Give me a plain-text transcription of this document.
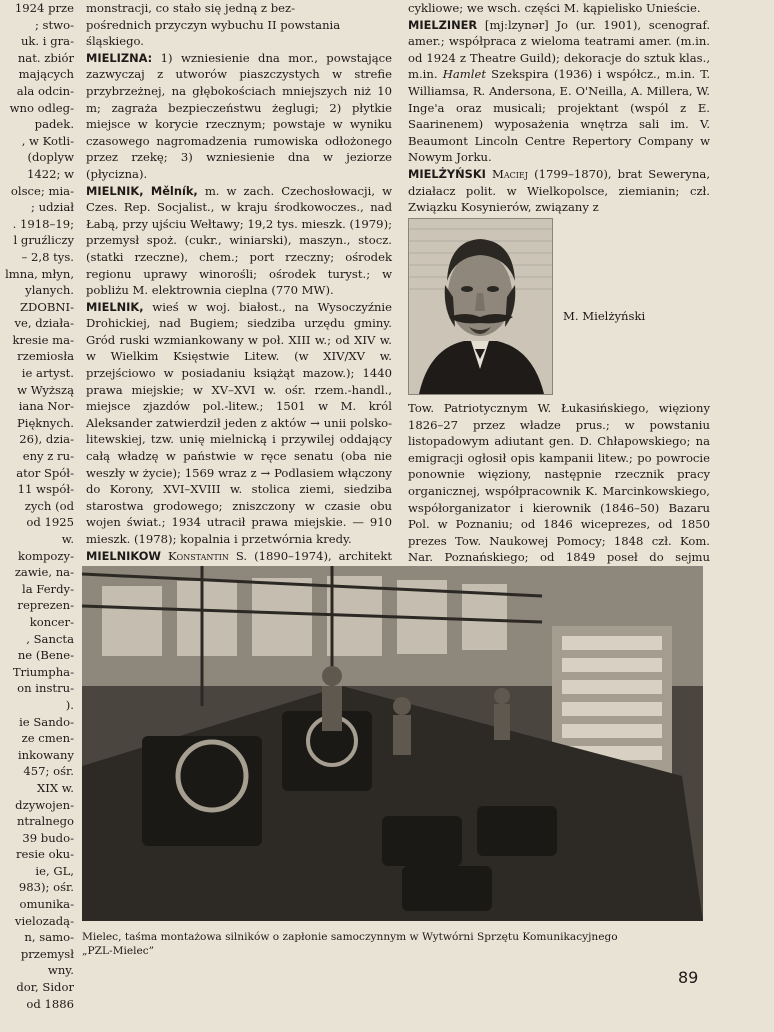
1924 prze
; stwo-
uk. i gra-
nat. zbiór
mających
ala odcin-
wno odleg-
padek.
, w Kotli-
(doplyw
1422; w
olsce; mia-
; udział
. 1918–19;
l gruźliczy
– 2,8 tys.
lmna, młyn,
ylanych.
ZDOBNI-
ve, działa-
kresie ma-
rzemiosła
ie artyst.
w Wyższą
iana Nor-
Pięknych.
26), dzia-
eny z ru-
ator Spół-
11 współ-
zych (od
od 1925
w.
kompozy-
zawie, na-
la Ferdy-
reprezen-
koncer-
, Sancta
ne (Bene-
Triumpha-
on instru-
).
ie Sando-
ze cmen-
inkowany
457; ośr.
XIX w.
dzywojen-
ntralnego
39 budo-
resie oku-
ie, GL,
983); ośr.
omunika-
vielozadą-
n, samo-
przemysł
wny.
dor, Sidor
od 1886
monstracji, co stało się jedną z bez-
pośrednich przyczyn wybuchu II powstania

śląskiego.

MIELIZNA: 1) wzniesienie dna mor., powstające zazwyczaj z utworów piaszczystych w strefie przybrzeżnej, na głębokościach mniejszych niż 10 m; zagraża bezpieczeństwu żeglugi; 2) płytkie miejsce w korycie rzecznym; powstaje w wyniku czasowego nagromadzenia rumowiska odłożonego przez rzekę; 3) wzniesienie dna w jeziorze (płycizna).

MIELNIK, Mělník, m. w zach. Czechosłowacji, w Czes. Rep. Socjalist., w kraju środkowoczes., nad Łabą, przy ujściu Wełtawy; 19,2 tys. mieszk. (1979); przemysł spoż. (cukr., winiarski), maszyn., stocz. (statki rzeczne), chem.; port rzeczny; ośrodek regionu uprawy winorośli; ośrodek turyst.; w pobliżu M. elektrownia cieplna (770 MW).

MIELNIK, wieś w woj. białost., na Wysoczyźnie Drohickiej, nad Bugiem; siedziba urzędu gminy. Gród ruski wzmiankowany w poł. XIII w.; od XIV w. w Wielkim Księstwie Litew. (w XIV/XV w. przejściowo w posiadaniu książąt mazow.); 1440 prawa miejskie; w XV–XVI w. ośr. rzem.-handl., miejsce zjazdów pol.-litew.; 1501 w M. król Aleksander zatwierdził jeden z aktów → unii polsko-litewskiej, tzw. unię mielnicką i przywilej oddający całą władzę w państwie w ręce senatu (oba nie weszły w życie); 1569 wraz z → Podlasiem włączony do Korony, XVI–XVIII w. stolica ziemi, siedziba starostwa grodowego; zniszczony w czasie obu wojen świat.; 1934 utracił prawa miejskie. — 910 mieszk. (1978); kopalnia i przetwórnia kredy.

MIELNIKOW Konstantin S. (1890–1974), architekt

cykliowe; we wsch. części M. kąpielisko Unieście.

MIELZINER [mj:lzynər] Jo (ur. 1901), scenograf. amer.; współpraca z wieloma teatrami amer. (m.in. od 1924 z Theatre Guild); dekoracje do sztuk klas., m.in. Hamlet Szekspira (1936) i współcz., m.in. T. Williamsa, R. Andersona, E. O'Neilla, A. Millera, W. Inge'a oraz musicali; projektant (wspól z E. Saarinenem) wyposażenia wnętrza sali im. V. Beaumont Lincoln Centre Repertory Company w Nowym Jorku.

MIELŻYŃSKI Maciej (1799–1870), brat Seweryna, działacz polit. w Wielkopolsce, ziemianin; czł. Związku Kosynierów, związany z

M. Mielżyński
Tow. Patriotycznym W. Łukasińskiego, więziony 1826–27 przez władze prus.; w powstaniu listopadowym adiutant gen. D. Chłapowskiego; na emigracji ogłosił opis kampanii litew.; po powrocie ponownie więziony, następnie rzecznik pracy organicznej, współpracownik K. Marcinkowskiego, współorganizator i kierownik (1846–50) Bazaru Pol. w Poznaniu; od 1846 wiceprezes, od 1850 prezes Tow. Naukowej Pomocy; 1848 czł. Kom. Nar. Poznańskiego; od 1849 poseł do sejmu
Mielec, taśma montażowa silników o zapłonie samoczynnym w Wytwórni Sprzętu Komunikacyjnego
„PZL-Mielec”
89
